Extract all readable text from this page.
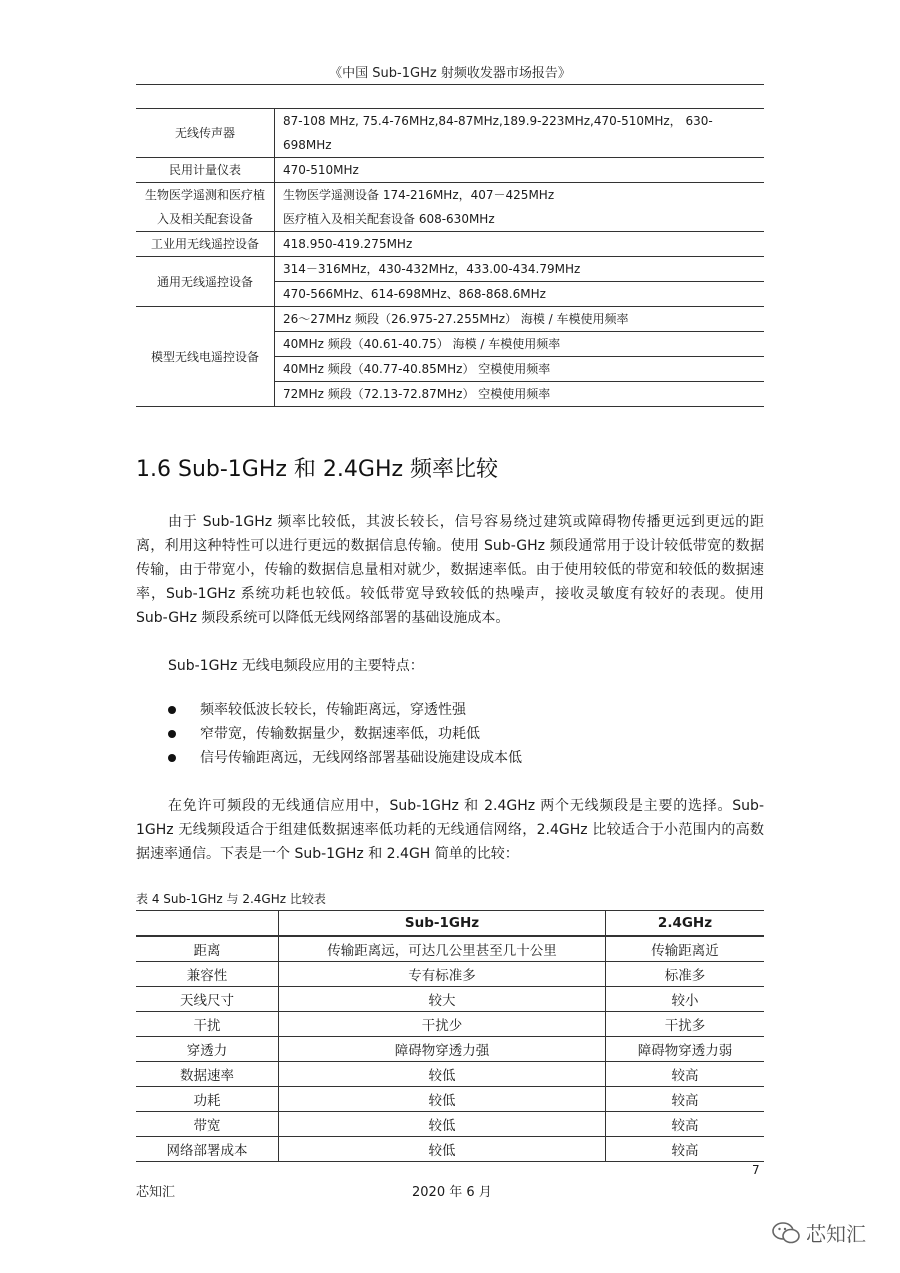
《中国 Sub-1GHz 射频收发器市场报告》
无线传声器	87-108 MHz, 75.4-76MHz,84-87MHz,189.9-223MHz,470-510MHz， 630-698MHz

民用计量仪表	470-510MHz
生物医学遥测和医疗植入及相关配套设备	生物医学遥测设备 174-216MHz，407－425MHz
	医疗植入及相关配套设备 608-630MHz
工业用无线遥控设备	418.950-419.275MHz
通用无线遥控设备	314－316MHz，430-432MHz，433.00-434.79MHz
	470-566MHz、614-698MHz、868-868.6MHz
模型无线电遥控设备	26～27MHz 频段（26.975-27.255MHz） 海模 / 车模使用频率
	40MHz 频段（40.61-40.75） 海模 / 车模使用频率
	40MHz 频段（40.77-40.85MHz） 空模使用频率
	72MHz 频段（72.13-72.87MHz） 空模使用频率
1.6 Sub-1GHz 和 2.4GHz 频率比较

由于 Sub-1GHz 频率比较低，其波长较长，信号容易绕过建筑或障碍物传播更远到更远的距离，利用这种特性可以进行更远的数据信息传输。使用 Sub-GHz 频段通常用于设计较低带宽的数据传输，由于带宽小，传输的数据信息量相对就少，数据速率低。由于使用较低的带宽和较低的数据速率，Sub-1GHz 系统功耗也较低。较低带宽导致较低的热噪声，接收灵敏度有较好的表现。使用 Sub-GHz 频段系统可以降低无线网络部署的基础设施成本。

Sub-1GHz 无线电频段应用的主要特点：

频率较低波长较长，传输距离远，穿透性强
窄带宽，传输数据量少，数据速率低，功耗低
信号传输距离远，无线网络部署基础设施建设成本低

在免许可频段的无线通信应用中，Sub-1GHz 和 2.4GHz 两个无线频段是主要的选择。Sub-1GHz 无线频段适合于组建低数据速率低功耗的无线通信网络，2.4GHz 比较适合于小范围内的高数据速率通信。下表是一个 Sub-1GHz 和 2.4GH 简单的比较：

表 4 Sub-1GHz 与 2.4GHz 比较表
	Sub-1GHz	2.4GHz
距离	传输距离远，可达几公里甚至几十公里	传输距离近
兼容性	专有标准多	标准多
天线尺寸	较大	较小
干扰	干扰少	干扰多
穿透力	障碍物穿透力强	障碍物穿透力弱
数据速率	较低	较高
功耗	较低	较高
带宽	较低	较高
网络部署成本	较低	较高
7
芯知汇	2020 年 6 月
芯知汇
